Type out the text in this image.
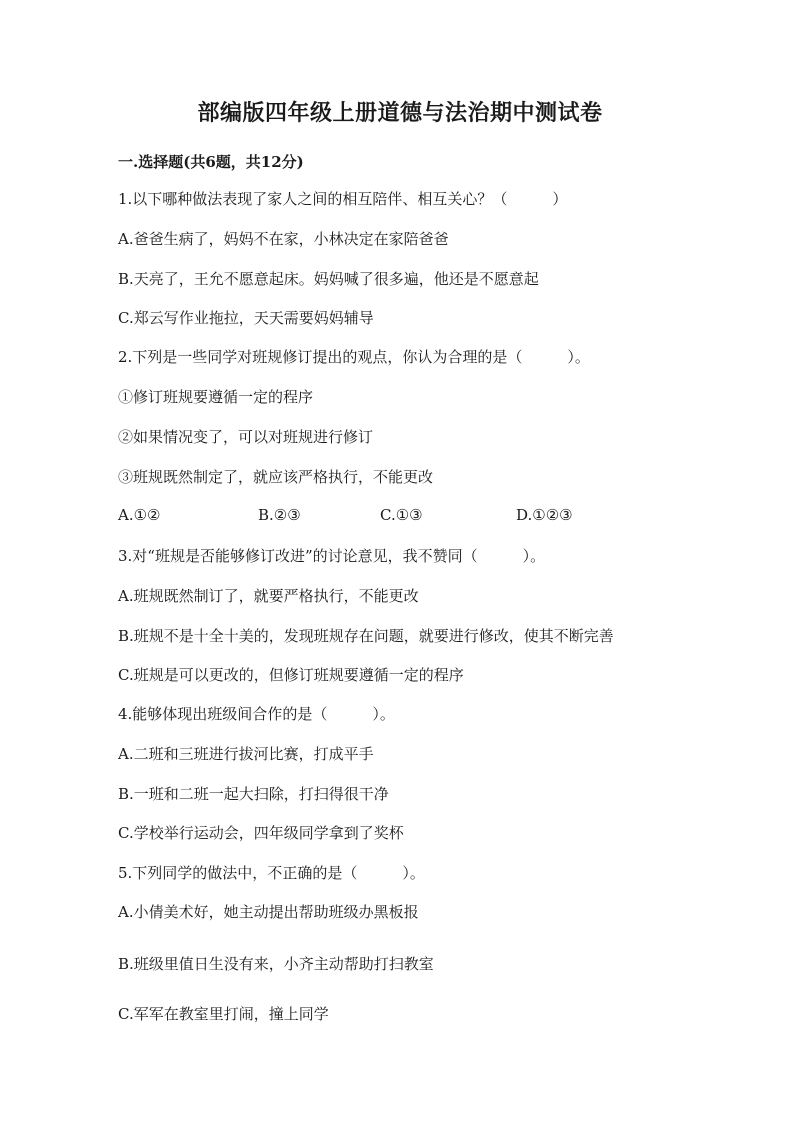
部编版四年级上册道德与法治期中测试卷
一.选择题(共6题，共12分)
1.以下哪种做法表现了家人之间的相互陪伴、相互关心？（　　　）
A.爸爸生病了，妈妈不在家，小林决定在家陪爸爸
B.天亮了，王允不愿意起床。妈妈喊了很多遍，他还是不愿意起
C.郑云写作业拖拉，天天需要妈妈辅导
2.下列是一些同学对班规修订提出的观点，你认为合理的是（　　　）。
①修订班规要遵循一定的程序
②如果情况变了，可以对班规进行修订
③班规既然制定了，就应该严格执行，不能更改
A.①②	B.②③	C.①③	D.①②③
3.对“班规是否能够修订改进”的讨论意见，我不赞同（　　　）。
A.班规既然制订了，就要严格执行，不能更改
B.班规不是十全十美的，发现班规存在问题，就要进行修改，使其不断完善
C.班规是可以更改的，但修订班规要遵循一定的程序
4.能够体现出班级间合作的是（　　　）。
A.二班和三班进行拔河比赛，打成平手
B.一班和二班一起大扫除，打扫得很干净
C.学校举行运动会，四年级同学拿到了奖杯
5.下列同学的做法中，不正确的是（　　　）。
A.小倩美术好，她主动提出帮助班级办黑板报
B.班级里值日生没有来，小齐主动帮助打扫教室
C.军军在教室里打闹，撞上同学
